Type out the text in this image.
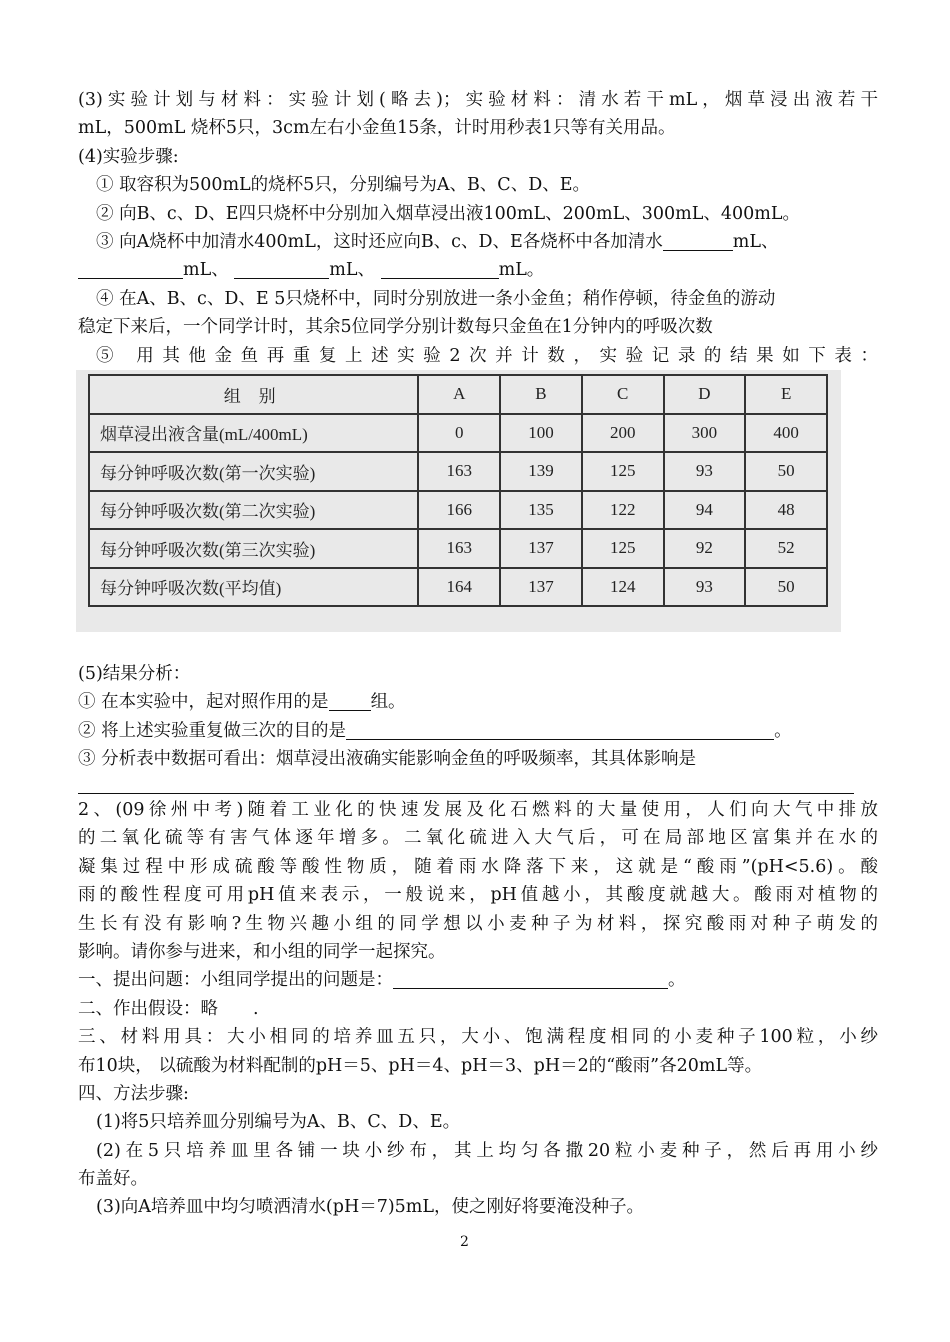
(3)实验计划与材料：实验计划(略去)；实验材料：清水若干mL，烟草浸出液若干
mL，500mL 烧杯5只，3cm左右小金鱼15条，计时用秒表1只等有关用品。
(4)实验步骤:
① 取容积为500mL的烧杯5只，分别编号为A、B、C、D、E。
② 向B、c、D、E四只烧杯中分别加入烟草浸出液100mL、200mL、300mL、400mL。
③ 向A烧杯中加清水400mL，这时还应向B、c、D、E各烧杯中各加清水	mL、
mL、	mL、	mL。
④ 在A、B、c、D、E 5只烧杯中，同时分别放进一条小金鱼；稍作停顿，待金鱼的游动
稳定下来后，一个同学计时，其余5位同学分别计数每只金鱼在1分钟内的呼吸次数
⑤ 用其他金鱼再重复上述实验2次并计数，实验记录的结果如下表：
组别	A	B	C	D	E
烟草浸出液含量(mL/400mL)	0	100	200	300	400
每分钟呼吸次数(第一次实验)	163	139	125	93	50
每分钟呼吸次数(第二次实验)	166	135	122	94	48
每分钟呼吸次数(第三次实验)	163	137	125	92	52
每分钟呼吸次数(平均值)	164	137	124	93	50
(5)结果分析：
① 在本实验中，起对照作用的是 组。
② 将上述实验重复做三次的目的是	。
③ 分析表中数据可看出：烟草浸出液确实能影响金鱼的呼吸频率，其具体影响是
2、(09徐州中考)随着工业化的快速发展及化石燃料的大量使用，人们向大气中排放
的二氧化硫等有害气体逐年增多。二氧化硫进入大气后，可在局部地区富集并在水的
凝集过程中形成硫酸等酸性物质，随着雨水降落下来，这就是“酸雨”(pH<5.6)。酸
雨的酸性程度可用pH值来表示，一般说来，pH值越小，其酸度就越大。酸雨对植物的
生长有没有影响?生物兴趣小组的同学想以小麦种子为材料，探究酸雨对种子萌发的
影响。请你参与进来，和小组的同学一起探究。
一、提出问题：小组同学提出的问题是：	。
二、作出假设：略　　.
三、材料用具：大小相同的培养皿五只，大小、饱满程度相同的小麦种子100粒，小纱
布10块， 以硫酸为材料配制的pH＝5、pH＝4、pH＝3、pH＝2的“酸雨”各20mL等。
四、方法步骤:
(1)将5只培养皿分别编号为A、B、C、D、E。
(2)在5只培养皿里各铺一块小纱布，其上均匀各撒20粒小麦种子，然后再用小纱
布盖好。
(3)向A培养皿中均匀喷洒清水(pH＝7)5mL，使之刚好将要淹没种子。
2
